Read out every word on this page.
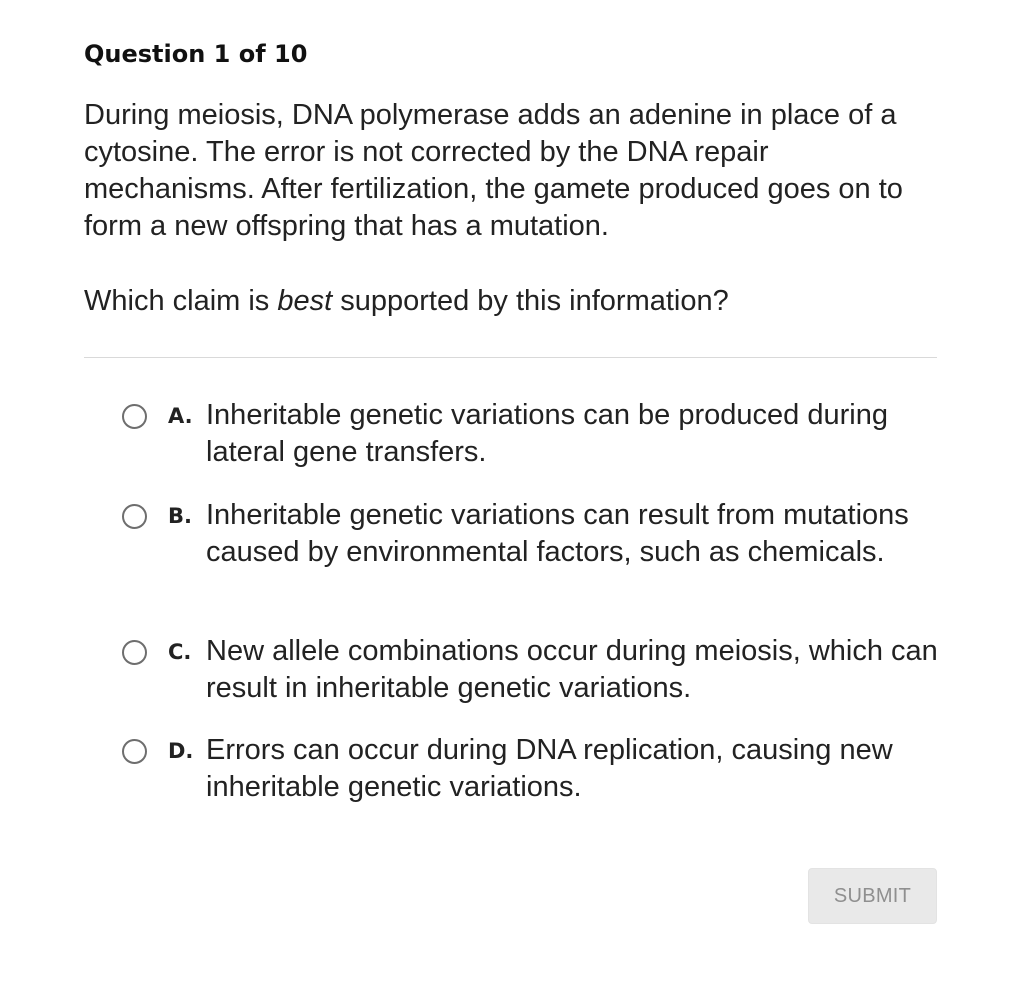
Question 1 of 10
During meiosis, DNA polymerase adds an adenine in place of a cytosine. The error is not corrected by the DNA repair mechanisms. After fertilization, the gamete produced goes on to form a new offspring that has a mutation.
Which claim is best supported by this information?
A. Inheritable genetic variations can be produced during lateral gene transfers.
B. Inheritable genetic variations can result from mutations caused by environmental factors, such as chemicals.
C. New allele combinations occur during meiosis, which can result in inheritable genetic variations.
D. Errors can occur during DNA replication, causing new inheritable genetic variations.
SUBMIT
